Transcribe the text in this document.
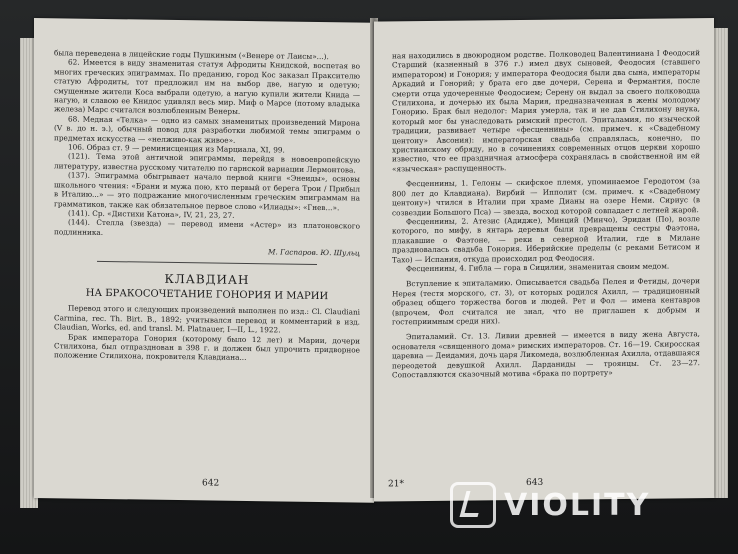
была переведена в лицейские годы Пушкиным («Венере от Лаисы»...).

62. Имеется в виду знаменитая статуя Афродиты Книдской, воспетая во многих греческих эпиграммах. По преданию, город Кос заказал Праксителю статую Афродиты, тот предложил им на выбор две, нагую и одетую; смущенные жители Коса выбрали одетую, а нагую купили жители Книда — нагую, и славою ее Книдос удивлял весь мир. Миф о Марсе (потому владыка железа) Марс считался возлюбленным Венеры.

68. Медная «Телка» — одно из самых знаменитых произведений Мирона (V в. до н. э.), обычный повод для разработки любимой темы эпиграмм о предметах искусства — «нелживо-как живое».

106. Образ ст. 9 — реминисценция из Марциала, XI, 99.

(121). Тема этой античной эпиграммы, перейдя в новоевропейскую литературу, известна русскому читателю по гарнской вариации Лермонтова.

(137). Эпиграмма обыгрывает начало первой книги «Энеиды», основы школьного чтения: «Брани и мужа пою, кто первый от берега Трои / Прибыл в Италию...» — это подражание многочисленным греческим эпиграммам на грамматиков, также как обязательное первое слово «Илиады»: «Гнев...».

(141). Ср. «Дистихи Катона», IV, 21, 23, 27.

(144). Стелла (звезда) — перевод имени «Астер» из платоновского подлинника.

М. Гаспаров. Ю. Шульц

КЛАВДИАН

НА БРАКОСОЧЕТАНИЕ ГОНОРИЯ И МАРИИ

Перевод этого и следующих произведений выполнен по изд.: Cl. Claudiani Carmina, rec. Th. Birt. B., 1892; учитывался перевод и комментарий в изд. Claudian, Works, ed. and transl. M. Platnauer, I—II, L., 1922.

Брак императора Гонория (которому было 12 лет) и Марии, дочери Стилихона, был отпразднован в 398 г. и должен был упрочить придворное положение Стилихона, покровителя Клавдиана...

642

ная находились в двоюродном родстве. Полководец Валентиниана I Феодосий Старший (казненный в 376 г.) имел двух сыновей, Феодосия (ставшего императором) и Гонория; у императора Феодосия были два сына, императоры Аркадий и Гонорий; у брата его две дочери, Серена и Фермантия, после смерти отца удочеренные Феодосием; Серену он выдал за своего полководца Стилихона, и дочерью их была Мария, предназначенная в жены молодому Гонорию. Брак был недолог: Мария умерла, так и не дав Стилихону внука, который мог бы унаследовать римский престол. Эпиталамия, по языческой традиции, развивает четыре «фесценнины» (см. примеч. к «Свадебному центону» Авсония): императорская свадьба справлялась, конечно, по христианскому обряду, но в сочинениях современных отцов церкви хорошо известно, что ее праздничная атмосфера сохранялась в свойственной им ей «языческая» распущенность.

Фесценнины, 1. Гелоны — скифское племя, упоминаемое Геродотом (за 800 лет до Клавдиана). Вирбий — Ипполит (см. примеч. к «Свадебному центону») чтился в Италии при храме Дианы на озере Неми. Сириус (в созвездии Большого Пса) — звезда, восход которой совпадает с летней жарой.

Фесценнины, 2. Атезис (Адидже), Минций (Минчо), Эридан (По), возле которого, по мифу, в янтарь деревья были превращены сестры Фаэтона, плакавшие о Фаэтоне, — реки в северной Италии, где в Милане праздновалась свадьба Гонория. Иберийские пределы (с реками Бетисом и Тахо) — Испания, откуда происходил род Феодосия.

Фесценнины, 4. Гибла — гора в Сицилии, знаменитая своим медом.

Вступление к эпиталамию. Описывается свадьба Пелея и Фетиды, дочери Нерея (тестя морского, ст. 3), от которых родился Ахилл, — традиционный образец общего торжества богов и людей. Рет и Фол — имена кентавров (впрочем, Фол считался не знал, что не приглашен к добрым и гостеприимным среди них).

Эпиталамий. Ст. 13. Ливии древней — имеется в виду жена Августа, основателя «священного дома» римских императоров. Ст. 16—19. Скиросская царевна — Деидамия, дочь царя Ликомеда, возлюбленная Ахилла, отдавшаяся переодетой девушкой Ахилл. Дарданиды — троянцы. Ст. 23—27. Сопоставляются сказочный мотива «брака по портрету»

21*	643
VIOLITY
